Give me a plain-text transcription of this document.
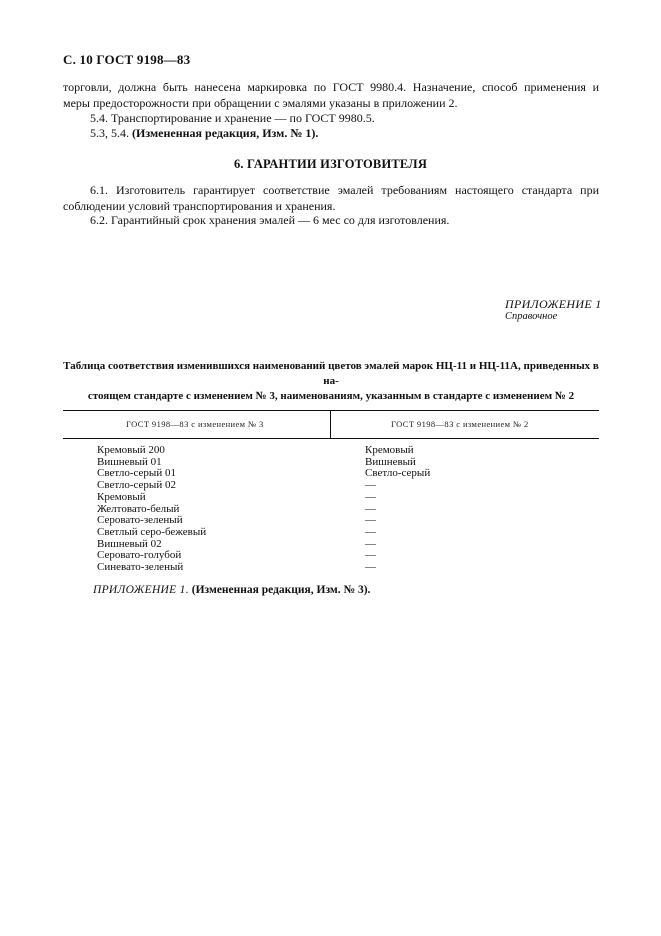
С. 10 ГОСТ 9198—83
торговли, должна быть нанесена маркировка по ГОСТ 9980.4. Назначение, способ применения и
меры предосторожности при обращении с эмалями указаны в приложении 2.
5.4. Транспортирование и хранение — по ГОСТ 9980.5.
5.3, 5.4. (Измененная редакция, Изм. № 1).
6. ГАРАНТИИ ИЗГОТОВИТЕЛЯ
6.1. Изготовитель гарантирует соответствие эмалей требованиям настоящего стандарта при
соблюдении условий транспортирования и хранения.
6.2. Гарантийный срок хранения эмалей — 6 мес со для изготовления.
ПРИЛОЖЕНИЕ 1
Справочное
Таблица соответствия изменившихся наименований цветов эмалей марок НЦ-11 и НЦ-11А, приведенных в на-
стоящем стандарте с изменением № 3, наименованиям, указанным в стандарте с изменением № 2
ГОСТ 9198—83 с изменением № 3	ГОСТ 9198—83 с изменением № 2
Кремовый 200
Вишневый 01
Светло-серый 01
Светло-серый 02
Кремовый
Желтовато-белый
Серовато-зеленый
Светлый серо-бежевый
Вишневый 02
Серовато-голубой
Синевато-зеленый
Кремовый
Вишневый
Светло-серый
—
—
—
—
—
—
—
—
ПРИЛОЖЕНИЕ 1. (Измененная редакция, Изм. № 3).
